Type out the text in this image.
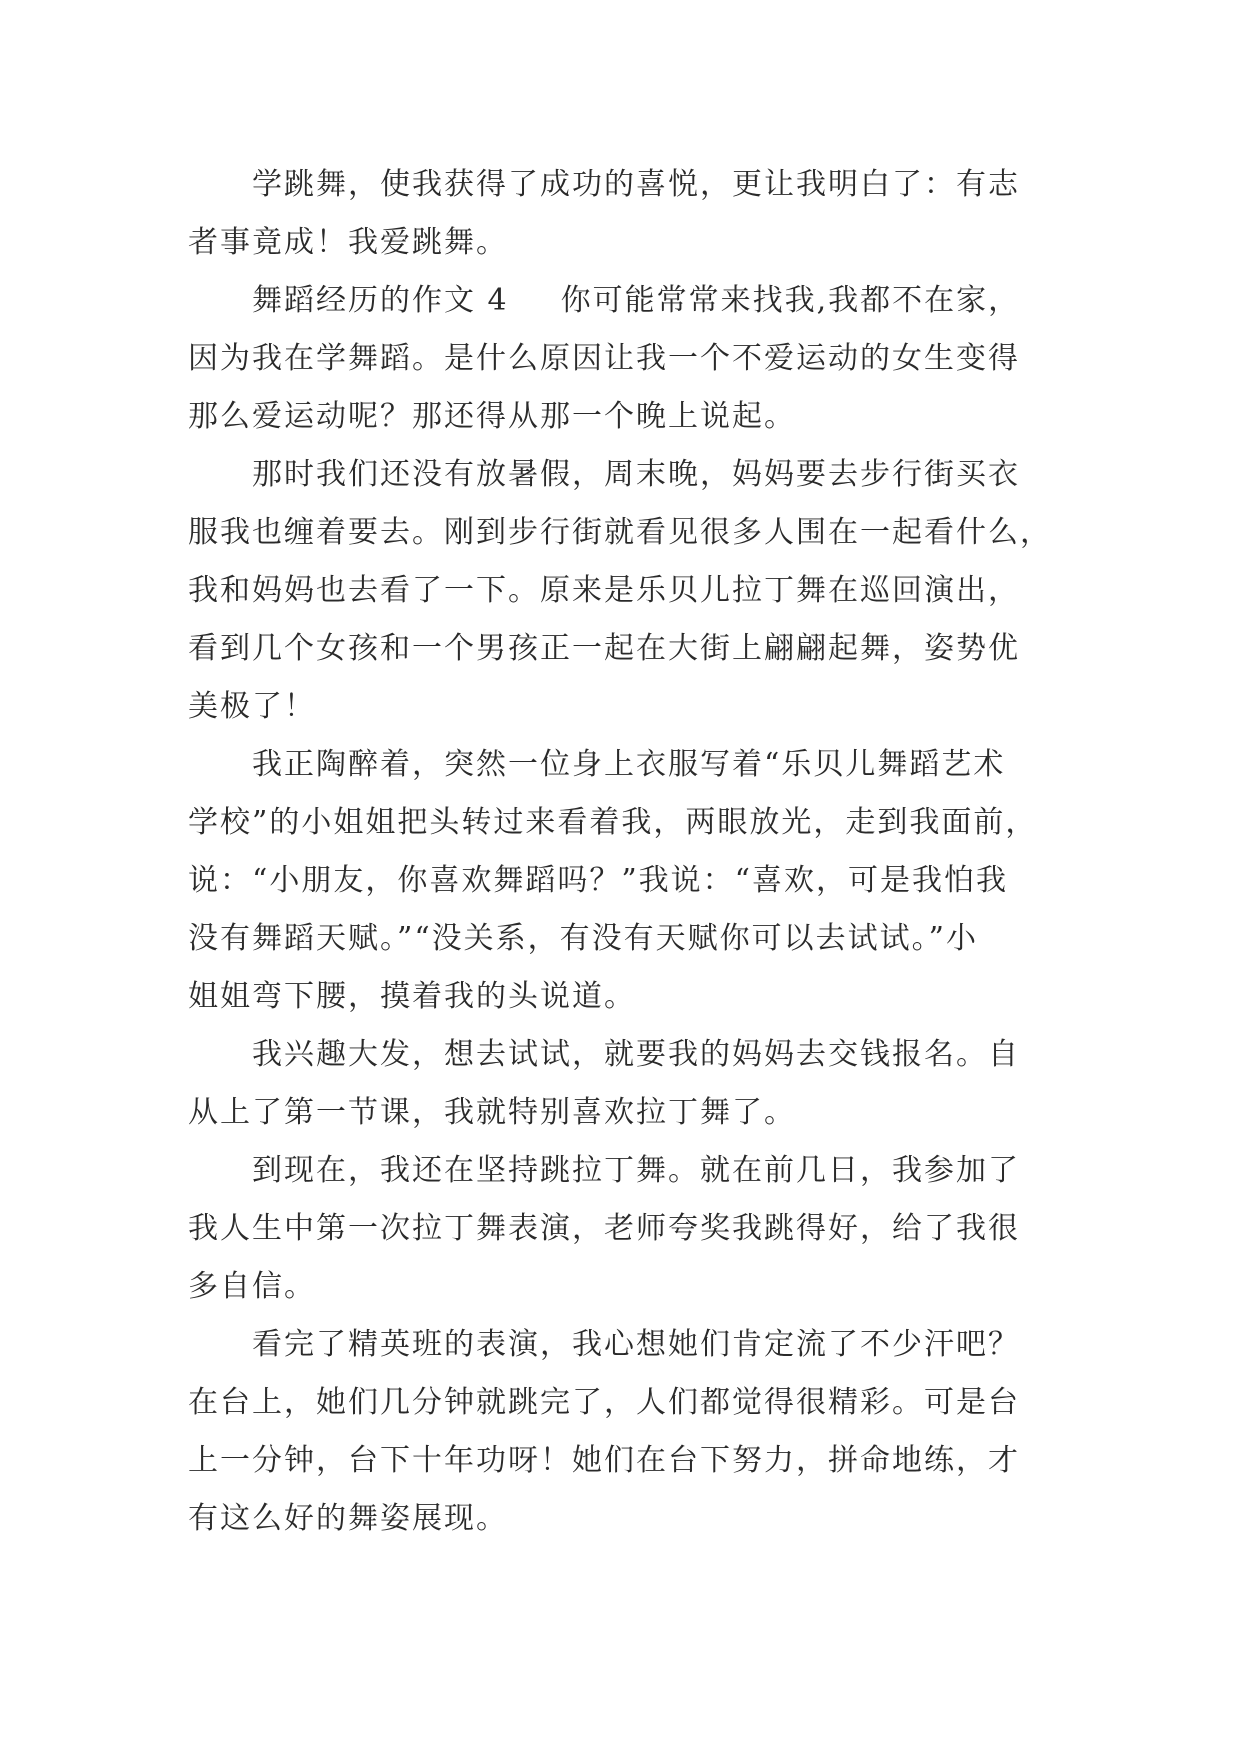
学跳舞，使我获得了成功的喜悦，更让我明白了：有志
者事竟成！我爱跳舞。

舞蹈经历的作文 4 你可能常常来找我,我都不在家，
因为我在学舞蹈。是什么原因让我一个不爱运动的女生变得
那么爱运动呢？那还得从那一个晚上说起。

那时我们还没有放暑假，周末晚，妈妈要去步行街买衣
服我也缠着要去。刚到步行街就看见很多人围在一起看什么，
我和妈妈也去看了一下。原来是乐贝儿拉丁舞在巡回演出，
看到几个女孩和一个男孩正一起在大街上翩翩起舞，姿势优
美极了！

我正陶醉着，突然一位身上衣服写着“乐贝儿舞蹈艺术
学校”的小姐姐把头转过来看着我，两眼放光，走到我面前，
说：“小朋友，你喜欢舞蹈吗？”我说：“喜欢，可是我怕我
没有舞蹈天赋。”“没关系，有没有天赋你可以去试试。”小
姐姐弯下腰，摸着我的头说道。

我兴趣大发，想去试试，就要我的妈妈去交钱报名。自
从上了第一节课，我就特别喜欢拉丁舞了。

到现在，我还在坚持跳拉丁舞。就在前几日，我参加了
我人生中第一次拉丁舞表演，老师夸奖我跳得好，给了我很
多自信。

看完了精英班的表演，我心想她们肯定流了不少汗吧？
在台上，她们几分钟就跳完了，人们都觉得很精彩。可是台
上一分钟，台下十年功呀！她们在台下努力，拼命地练，才
有这么好的舞姿展现。
